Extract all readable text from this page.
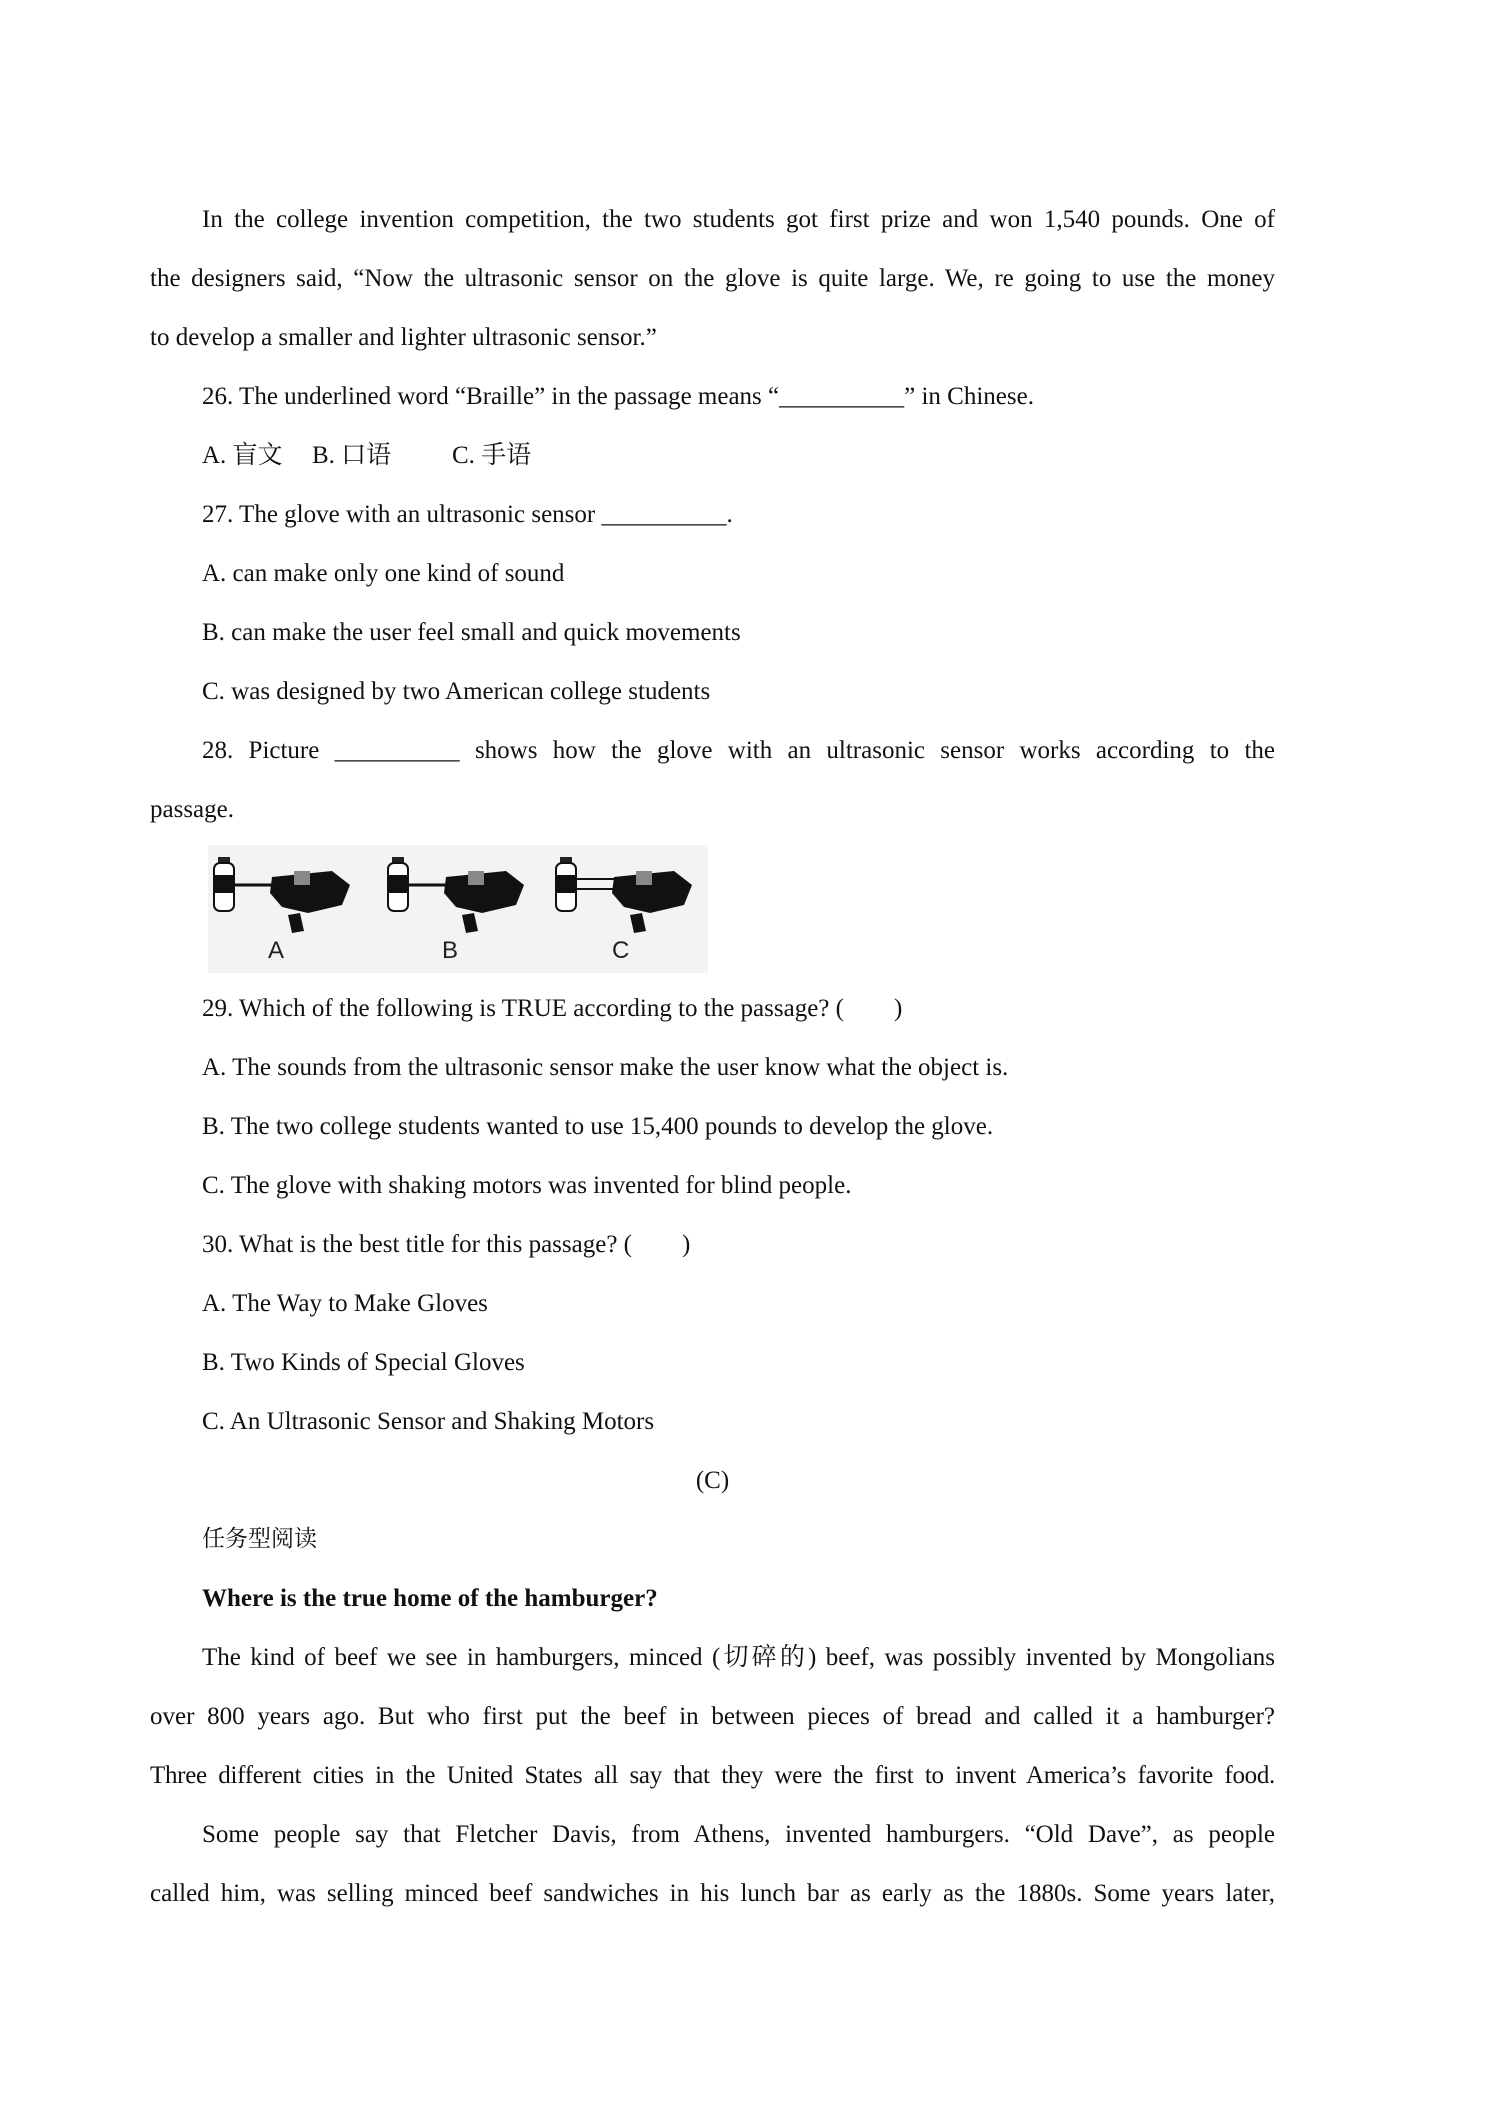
In the college invention competition, the two students got first prize and won 1,540 pounds. One of
the designers said, “Now the ultrasonic sensor on the glove is quite large. We, re going to use the money
to develop a smaller and lighter ultrasonic sensor.”
26. The underlined word “Braille” in the passage means “__________” in Chinese.
A. 盲文 B. 口语 C. 手语
27. The glove with an ultrasonic sensor __________.
A. can make only one kind of sound
B. can make the user feel small and quick movements
C. was designed by two American college students
28. Picture __________ shows how the glove with an ultrasonic sensor works according to the
passage.
A	B	C
29. Which of the following is TRUE according to the passage? (        )
A. The sounds from the ultrasonic sensor make the user know what the object is.
B. The two college students wanted to use 15,400 pounds to develop the glove.
C. The glove with shaking motors was invented for blind people.
30. What is the best title for this passage? (        )
A. The Way to Make Gloves
B. Two Kinds of Special Gloves
C. An Ultrasonic Sensor and Shaking Motors
(C)
任务型阅读
Where is the true home of the hamburger?
The kind of beef we see in hamburgers, minced (切碎的) beef, was possibly invented by Mongolians
over 800 years ago. But who first put the beef in between pieces of bread and called it a hamburger?
Three different cities in the United States all say that they were the first to invent America’s favorite food.
Some people say that Fletcher Davis, from Athens, invented hamburgers. “Old Dave”, as people
called him, was selling minced beef sandwiches in his lunch bar as early as the 1880s. Some years later,
